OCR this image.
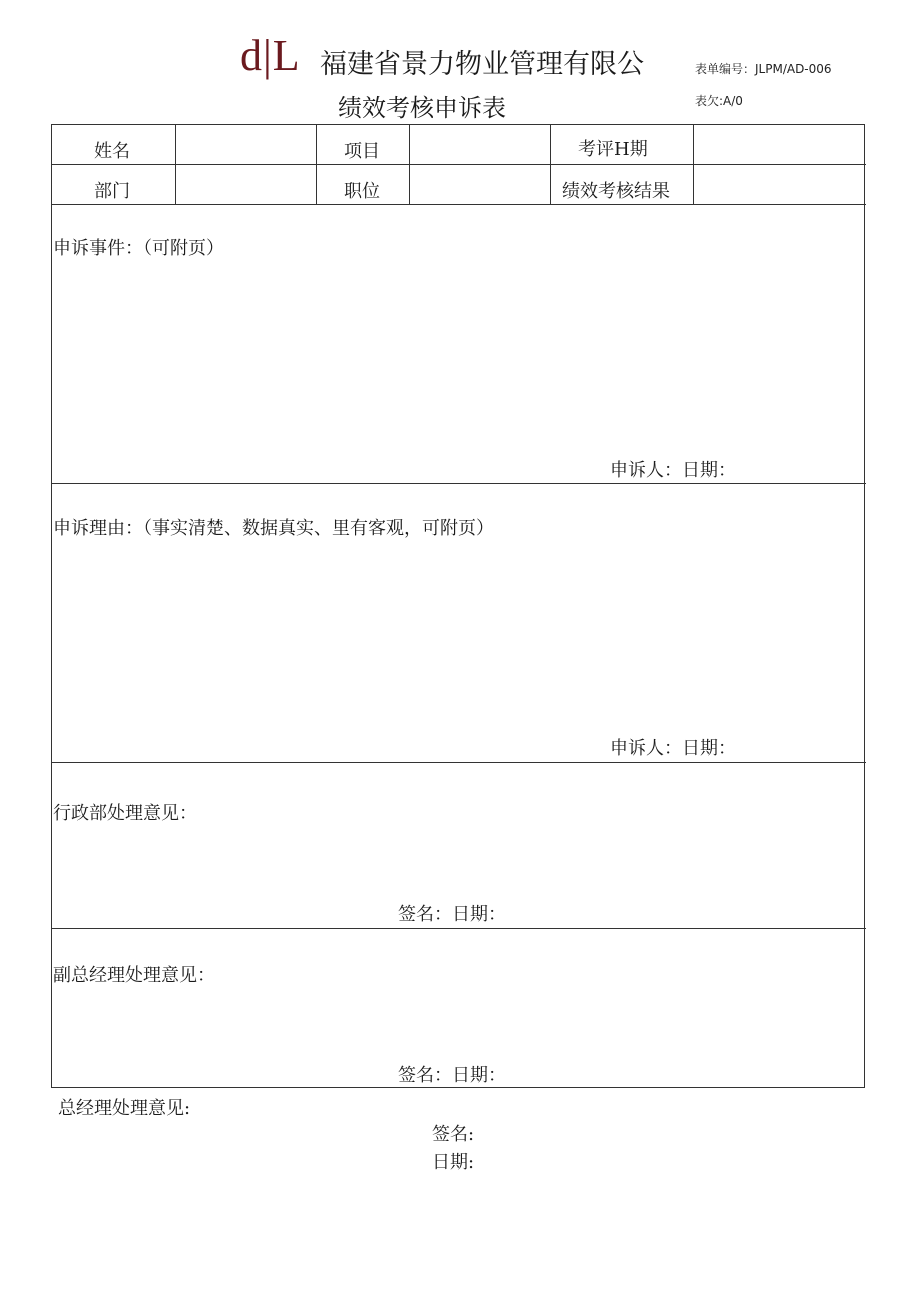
d|L 福建省景力物业管理有限公
绩效考核申诉表
表单编号：JLPM/AD-006
表欠:A/0
姓名	项目	考评H期
部门	职位	绩效考核结果
申诉事件：（可附页）
申诉人：日期：
申诉理由：（事实清楚、数据真实、里有客观，可附页）
申诉人：日期：
行政部处理意见：
签名：日期：
副总经理处理意见：
签名：日期：
总经理处理意见:
签名:
日期:
